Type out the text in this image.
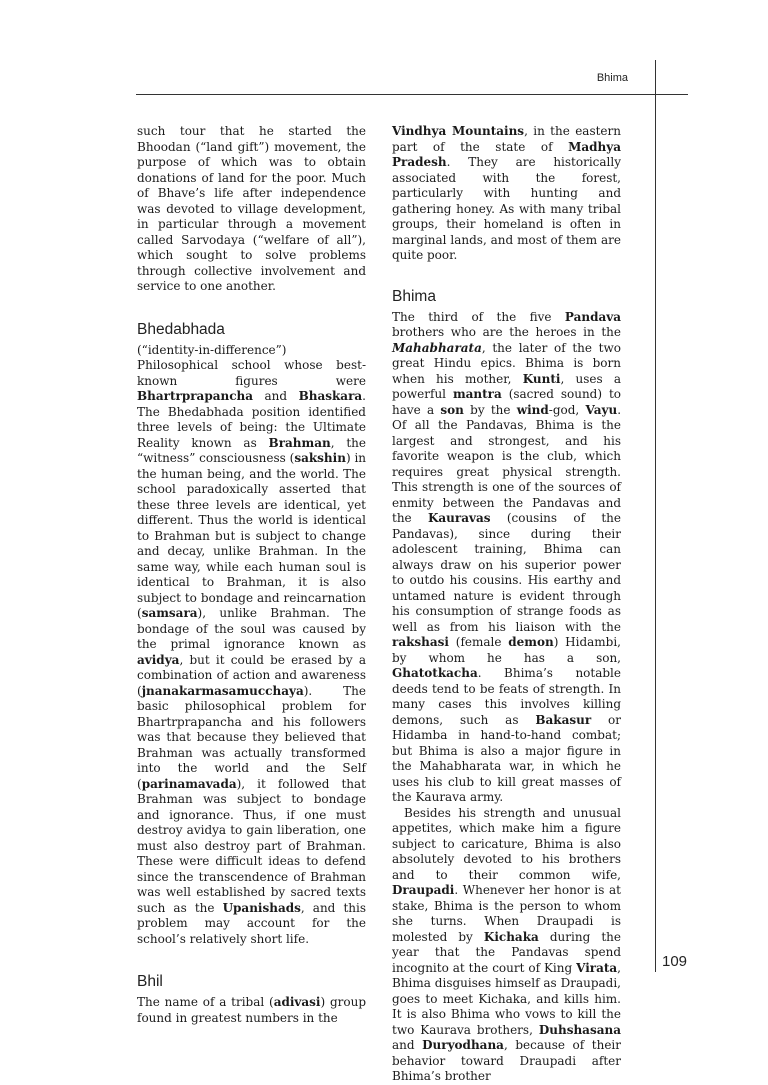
Bhima
109

such tour that he started the Bhoodan (“land gift”) movement, the purpose of which was to obtain donations of land for the poor. Much of Bhave’s life after independence was devoted to village development, in particular through a movement called Sarvodaya (“welfare of all”), which sought to solve problems through collective involvement and service to one another.

Bhedabhada

(“identity-in-difference”) Philosophical school whose best-known figures were Bhartrprapancha and Bhaskara. The Bhedabhada position identified three levels of being: the Ultimate Reality known as Brahman, the “witness” consciousness (sakshin) in the human being, and the world. The school paradoxically asserted that these three levels are identical, yet different. Thus the world is identical to Brahman but is subject to change and decay, unlike Brahman. In the same way, while each human soul is identical to Brahman, it is also subject to bondage and reincarnation (samsara), unlike Brahman. The bondage of the soul was caused by the primal ignorance known as avidya, but it could be erased by a combination of action and awareness (jnanakarmasamucchaya). The basic philosophical problem for Bhartrprapancha and his followers was that because they believed that Brahman was actually transformed into the world and the Self (parinamavada), it followed that Brahman was subject to bondage and ignorance. Thus, if one must destroy avidya to gain liberation, one must also destroy part of Brahman. These were difficult ideas to defend since the transcendence of Brahman was well established by sacred texts such as the Upanishads, and this problem may account for the school’s relatively short life.

Bhil

The name of a tribal (adivasi) group found in greatest numbers in the

Vindhya Mountains, in the eastern part of the state of Madhya Pradesh. They are historically associated with the forest, particularly with hunting and gathering honey. As with many tribal groups, their homeland is often in marginal lands, and most of them are quite poor.

Bhima

The third of the five Pandava brothers who are the heroes in the Mahabharata, the later of the two great Hindu epics. Bhima is born when his mother, Kunti, uses a powerful mantra (sacred sound) to have a son by the wind-god, Vayu. Of all the Pandavas, Bhima is the largest and strongest, and his favorite weapon is the club, which requires great physical strength. This strength is one of the sources of enmity between the Pandavas and the Kauravas (cousins of the Pandavas), since during their adolescent training, Bhima can always draw on his superior power to outdo his cousins. His earthy and untamed nature is evident through his consumption of strange foods as well as from his liaison with the rakshasi (female demon) Hidambi, by whom he has a son, Ghatotkacha. Bhima’s notable deeds tend to be feats of strength. In many cases this involves killing demons, such as Bakasur or Hidamba in hand-to-hand combat; but Bhima is also a major figure in the Mahabharata war, in which he uses his club to kill great masses of the Kaurava army.

Besides his strength and unusual appetites, which make him a figure subject to caricature, Bhima is also absolutely devoted to his brothers and to their common wife, Draupadi. Whenever her honor is at stake, Bhima is the person to whom she turns. When Draupadi is molested by Kichaka during the year that the Pandavas spend incognito at the court of King Virata, Bhima disguises himself as Draupadi, goes to meet Kichaka, and kills him. It is also Bhima who vows to kill the two Kaurava brothers, Duhshasana and Duryodhana, because of their behavior toward Draupadi after Bhima’s brother
